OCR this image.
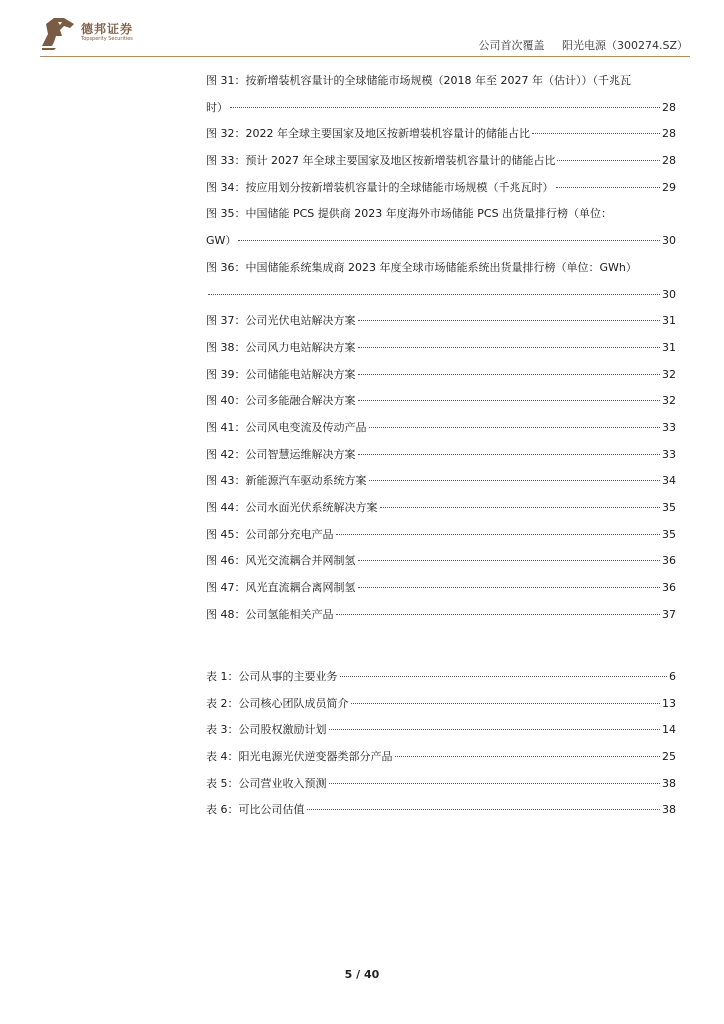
德邦证券
Topsperity Securities	公司首次覆盖 阳光电源（300274.SZ）
图 31：按新增装机容量计的全球储能市场规模（2018 年至 2027 年（估计））（千兆瓦
时）	28
图 32：2022 年全球主要国家及地区按新增装机容量计的储能占比	28
图 33：预计 2027 年全球主要国家及地区按新增装机容量计的储能占比	28
图 34：按应用划分按新增装机容量计的全球储能市场规模（千兆瓦时）	29
图 35：中国储能 PCS 提供商 2023 年度海外市场储能 PCS 出货量排行榜（单位：
GW）	30
图 36：中国储能系统集成商 2023 年度全球市场储能系统出货量排行榜（单位：GWh）
30
图 37：公司光伏电站解决方案	31
图 38：公司风力电站解决方案	31
图 39：公司储能电站解决方案	32
图 40：公司多能融合解决方案	32
图 41：公司风电变流及传动产品	33
图 42：公司智慧运维解决方案	33
图 43：新能源汽车驱动系统方案	34
图 44：公司水面光伏系统解决方案	35
图 45：公司部分充电产品	35
图 46：风光交流耦合并网制氢	36
图 47：风光直流耦合离网制氢	36
图 48：公司氢能相关产品	37
表 1：公司从事的主要业务	6
表 2：公司核心团队成员简介	13
表 3：公司股权激励计划	14
表 4：阳光电源光伏逆变器类部分产品	25
表 5：公司营业收入预测	38
表 6：可比公司估值	38
5 / 40
